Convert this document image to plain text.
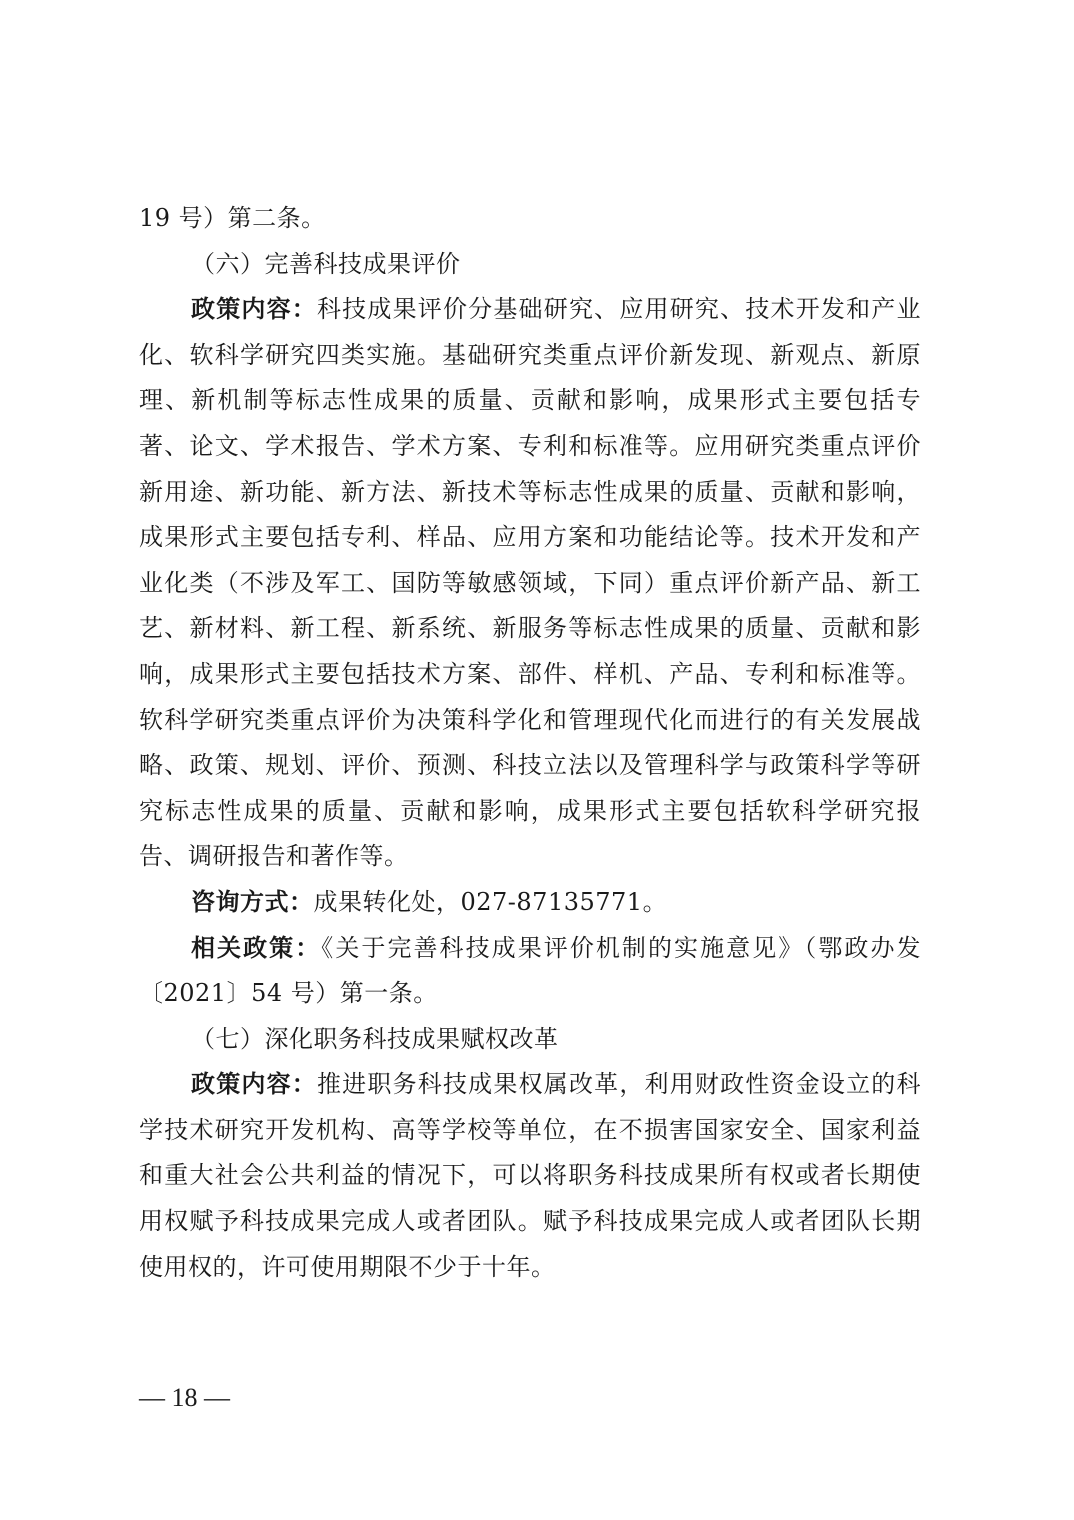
19 号）第二条。

（六）完善科技成果评价

政策内容：科技成果评价分基础研究、应用研究、技术开发和产业化、软科学研究四类实施。基础研究类重点评价新发现、新观点、新原理、新机制等标志性成果的质量、贡献和影响，成果形式主要包括专著、论文、学术报告、学术方案、专利和标准等。应用研究类重点评价新用途、新功能、新方法、新技术等标志性成果的质量、贡献和影响，成果形式主要包括专利、样品、应用方案和功能结论等。技术开发和产业化类（不涉及军工、国防等敏感领域，下同）重点评价新产品、新工艺、新材料、新工程、新系统、新服务等标志性成果的质量、贡献和影响，成果形式主要包括技术方案、部件、样机、产品、专利和标准等。软科学研究类重点评价为决策科学化和管理现代化而进行的有关发展战略、政策、规划、评价、预测、科技立法以及管理科学与政策科学等研究标志性成果的质量、贡献和影响，成果形式主要包括软科学研究报告、调研报告和著作等。

咨询方式：成果转化处，027-87135771。

相关政策：《关于完善科技成果评价机制的实施意见》（鄂政办发〔2021〕54 号）第一条。

（七）深化职务科技成果赋权改革

政策内容：推进职务科技成果权属改革，利用财政性资金设立的科学技术研究开发机构、高等学校等单位，在不损害国家安全、国家利益和重大社会公共利益的情况下，可以将职务科技成果所有权或者长期使用权赋予科技成果完成人或者团队。赋予科技成果完成人或者团队长期使用权的，许可使用期限不少于十年。

— 18 —
